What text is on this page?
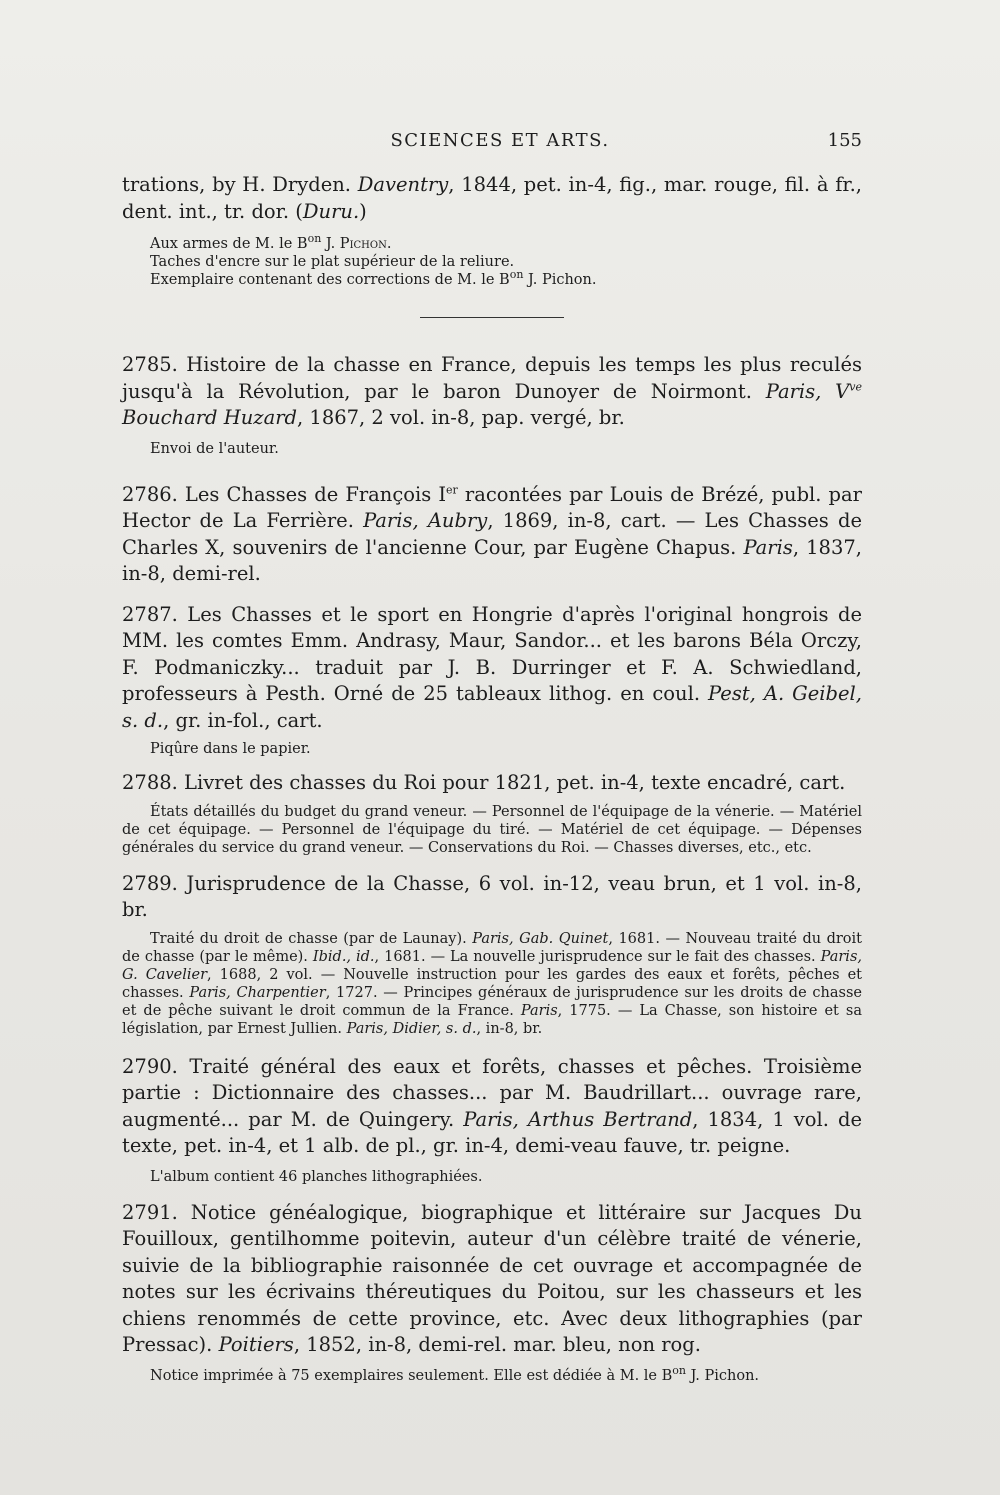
SCIENCES ET ARTS.	155

trations, by H. Dryden. Daventry, 1844, pet. in-4, fig., mar. rouge, fil. à fr., dent. int., tr. dor. (Duru.)

Aux armes de M. le $B^{on}$ J. Pichon.

Taches d'encre sur le plat supérieur de la reliure.

Exemplaire contenant des corrections de M. le $B^{on}$ J. Pichon.

2785. Histoire de la chasse en France, depuis les temps les plus reculés jusqu'à la Révolution, par le baron Dunoyer de Noirmont. Paris, $V^{ve}$ Bouchard Huzard, 1867, 2 vol. in-8, pap. vergé, br.

Envoi de l'auteur.

2786. Les Chasses de François Ier racontées par Louis de Brézé, publ. par Hector de La Ferrière. Paris, Aubry, 1869, in-8, cart. — Les Chasses de Charles X, souvenirs de l'ancienne Cour, par Eugène Chapus. Paris, 1837, in-8, demi-rel.

2787. Les Chasses et le sport en Hongrie d'après l'original hongrois de MM. les comtes Emm. Andrasy, Maur, Sandor... et les barons Béla Orczy, F. Podmaniczky... traduit par J. B. Durringer et F. A. Schwiedland, professeurs à Pesth. Orné de 25 tableaux lithog. en coul. Pest, A. Geibel, s. d., gr. in-fol., cart.

Piqûre dans le papier.

2788. Livret des chasses du Roi pour 1821, pet. in-4, texte encadré, cart.

États détaillés du budget du grand veneur. — Personnel de l'équipage de la vénerie. — Matériel de cet équipage. — Personnel de l'équipage du tiré. — Matériel de cet équipage. — Dépenses générales du service du grand veneur. — Conservations du Roi. — Chasses diverses, etc., etc.

2789. Jurisprudence de la Chasse, 6 vol. in-12, veau brun, et 1 vol. in-8, br.

Traité du droit de chasse (par de Launay). Paris, Gab. Quinet, 1681. — Nouveau traité du droit de chasse (par le même). Ibid., id., 1681. — La nouvelle jurisprudence sur le fait des chasses. Paris, G. Cavelier, 1688, 2 vol. — Nouvelle instruction pour les gardes des eaux et forêts, pêches et chasses. Paris, Charpentier, 1727. — Principes généraux de jurisprudence sur les droits de chasse et de pêche suivant le droit commun de la France. Paris, 1775. — La Chasse, son histoire et sa législation, par Ernest Jullien. Paris, Didier, s. d., in-8, br.

2790. Traité général des eaux et forêts, chasses et pêches. Troisième partie : Dictionnaire des chasses... par M. Baudrillart... ouvrage rare, augmenté... par M. de Quingery. Paris, Arthus Bertrand, 1834, 1 vol. de texte, pet. in-4, et 1 alb. de pl., gr. in-4, demi-veau fauve, tr. peigne.

L'album contient 46 planches lithographiées.

2791. Notice généalogique, biographique et littéraire sur Jacques Du Fouilloux, gentilhomme poitevin, auteur d'un célèbre traité de vénerie, suivie de la bibliographie raisonnée de cet ouvrage et accompagnée de notes sur les écrivains théreutiques du Poitou, sur les chasseurs et les chiens renommés de cette province, etc. Avec deux lithographies (par Pressac). Poitiers, 1852, in-8, demi-rel. mar. bleu, non rog.

Notice imprimée à 75 exemplaires seulement. Elle est dédiée à M. le $B^{on}$ J. Pichon.
